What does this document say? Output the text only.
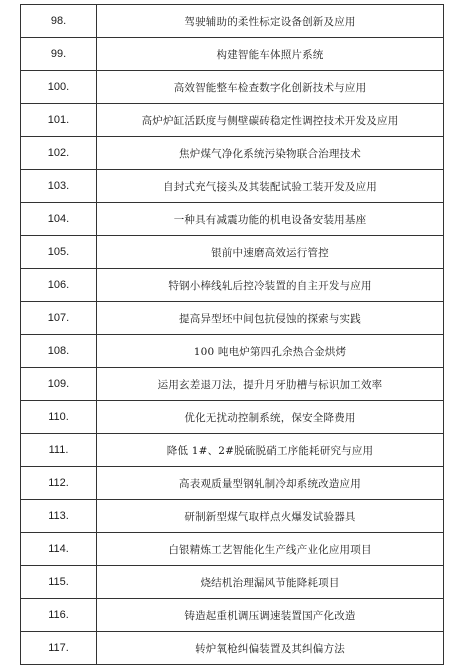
98.	驾驶辅助的柔性标定设备创新及应用
99.	构建智能车体照片系统
100.	高效智能整车检查数字化创新技术与应用
101.	高炉炉缸活跃度与侧壁碳砖稳定性调控技术开发及应用
102.	焦炉煤气净化系统污染物联合治理技术
103.	自封式充气接头及其装配试验工装开发及应用
104.	一种具有减震功能的机电设备安装用基座
105.	银前中速磨高效运行管控
106.	特钢小棒线轧后控冷装置的自主开发与应用
107.	提高异型坯中间包抗侵蚀的探索与实践
108.	100 吨电炉第四孔余热合金烘烤
109.	运用玄差退刀法，提升月牙肋槽与标识加工效率
110.	优化无扰动控制系统，保安全降费用
111.	降低 1#、2#脱硫脱硝工序能耗研究与应用
112.	高表观质量型钢轧制冷却系统改造应用
113.	研制新型煤气取样点火爆发试验器具
114.	白银精炼工艺智能化生产线产业化应用项目
115.	烧结机治理漏风节能降耗项目
116.	铸造起重机调压调速装置国产化改造
117.	转炉氧枪纠偏装置及其纠偏方法
